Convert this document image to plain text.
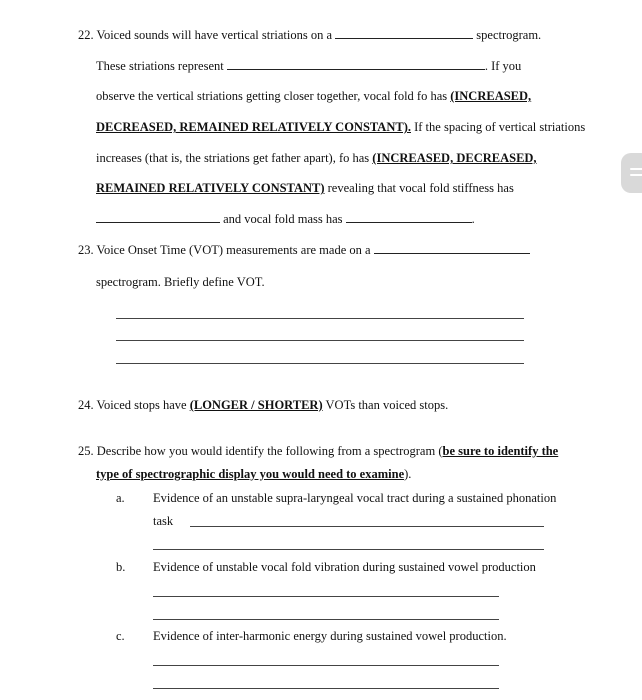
22. Voiced sounds will have vertical striations on a	spectrogram.
These striations represent	. If you
observe the vertical striations getting closer together, vocal fold fo has (INCREASED,
DECREASED, REMAINED RELATIVELY CONSTANT). If the spacing of vertical striations
increases (that is, the striations get father apart), fo has (INCREASED, DECREASED,
REMAINED RELATIVELY CONSTANT) revealing that vocal fold stiffness has
and vocal fold mass has	.
23. Voice Onset Time (VOT) measurements are made on a
spectrogram. Briefly define VOT.
24. Voiced stops have (LONGER / SHORTER) VOTs than voiced stops.
25. Describe how you would identify the following from a spectrogram (be sure to identify the
type of spectrographic display you would need to examine).
a. Evidence of an unstable supra-laryngeal vocal tract during a sustained phonation
task
b. Evidence of unstable vocal fold vibration during sustained vowel production
c. Evidence of inter-harmonic energy during sustained vowel production.
